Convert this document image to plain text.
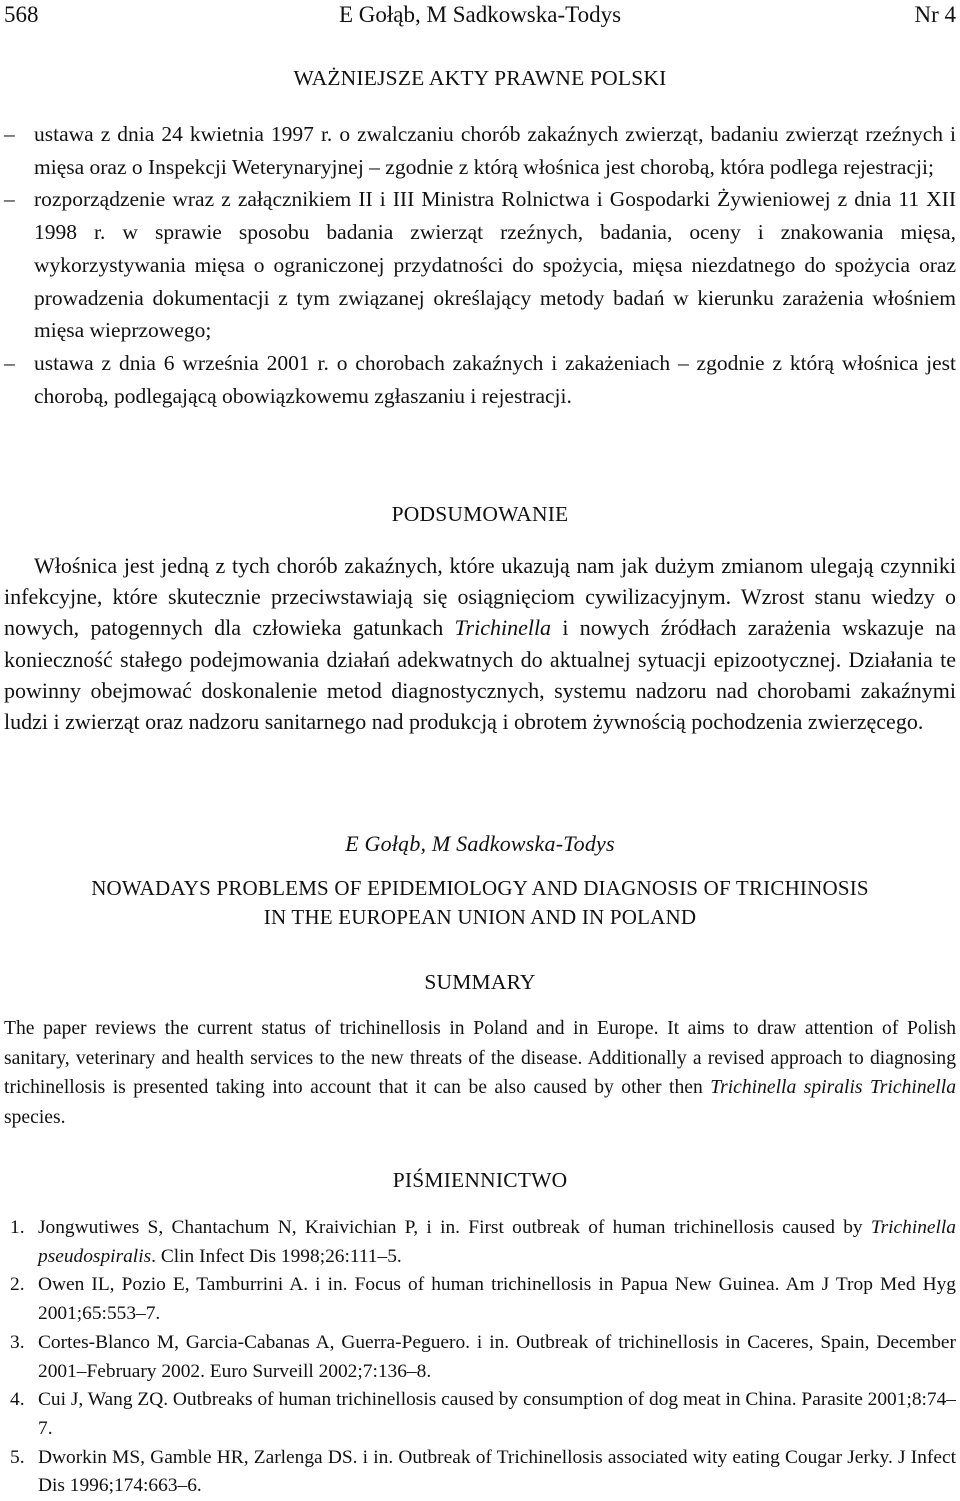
568	E Gołąb, M Sadkowska-Todys	Nr 4
WAŻNIEJSZE AKTY PRAWNE POLSKI
– ustawa z dnia 24 kwietnia 1997 r. o zwalczaniu chorób zakaźnych zwierząt, badaniu zwierząt rzeźnych i mięsa oraz o Inspekcji Weterynaryjnej – zgodnie z którą włośnica jest chorobą, która podlega rejestracji;
– rozporządzenie wraz z załącznikiem II i III Ministra Rolnictwa i Gospodarki Żywieniowej z dnia 11 XII 1998 r. w sprawie sposobu badania zwierząt rzeźnych, badania, oceny i znakowania mięsa, wykorzystywania mięsa o ograniczonej przydatności do spożycia, mięsa niezdatnego do spożycia oraz prowadzenia dokumentacji z tym związanej określający metody badań w kierunku zarażenia włośniem mięsa wieprzowego;
– ustawa z dnia 6 września 2001 r. o chorobach zakaźnych i zakażeniach – zgodnie z którą włośnica jest chorobą, podlegającą obowiązkowemu zgłaszaniu i rejestracji.
PODSUMOWANIE
Włośnica jest jedną z tych chorób zakaźnych, które ukazują nam jak dużym zmianom ulegają czynniki infekcyjne, które skutecznie przeciwstawiają się osiągnięciom cywilizacyjnym. Wzrost stanu wiedzy o nowych, patogennych dla człowieka gatunkach Trichinella i nowych źródłach zarażenia wskazuje na konieczność stałego podejmowania działań adekwatnych do aktualnej sytuacji epizootycznej. Działania te powinny obejmować doskonalenie metod diagnostycznych, systemu nadzoru nad chorobami zakaźnymi ludzi i zwierząt oraz nadzoru sanitarnego nad produkcją i obrotem żywnością pochodzenia zwierzęcego.
E Gołąb, M Sadkowska-Todys
NOWADAYS PROBLEMS OF EPIDEMIOLOGY AND DIAGNOSIS OF TRICHINOSIS
IN THE EUROPEAN UNION AND IN POLAND
SUMMARY
The paper reviews the current status of trichinellosis in Poland and in Europe. It aims to draw attention of Polish sanitary, veterinary and health services to the new threats of the disease. Additionally a revised approach to diagnosing trichinellosis is presented taking into account that it can be also caused by other then Trichinella spiralis Trichinella species.
PIŚMIENNICTWO
1. Jongwutiwes S, Chantachum N, Kraivichian P, i in. First outbreak of human trichinellosis caused by Trichinella pseudospiralis. Clin Infect Dis 1998;26:111–5.
2. Owen IL, Pozio E, Tamburrini A. i in. Focus of human trichinellosis in Papua New Guinea. Am J Trop Med Hyg 2001;65:553–7.
3. Cortes-Blanco M, Garcia-Cabanas A, Guerra-Peguero. i in. Outbreak of trichinellosis in Caceres, Spain, December 2001–February 2002. Euro Surveill 2002;7:136–8.
4. Cui J, Wang ZQ. Outbreaks of human trichinellosis caused by consumption of dog meat in China. Parasite 2001;8:74–7.
5. Dworkin MS, Gamble HR, Zarlenga DS. i in. Outbreak of Trichinellosis associated wity eating Cougar Jerky. J Infect Dis 1996;174:663–6.
